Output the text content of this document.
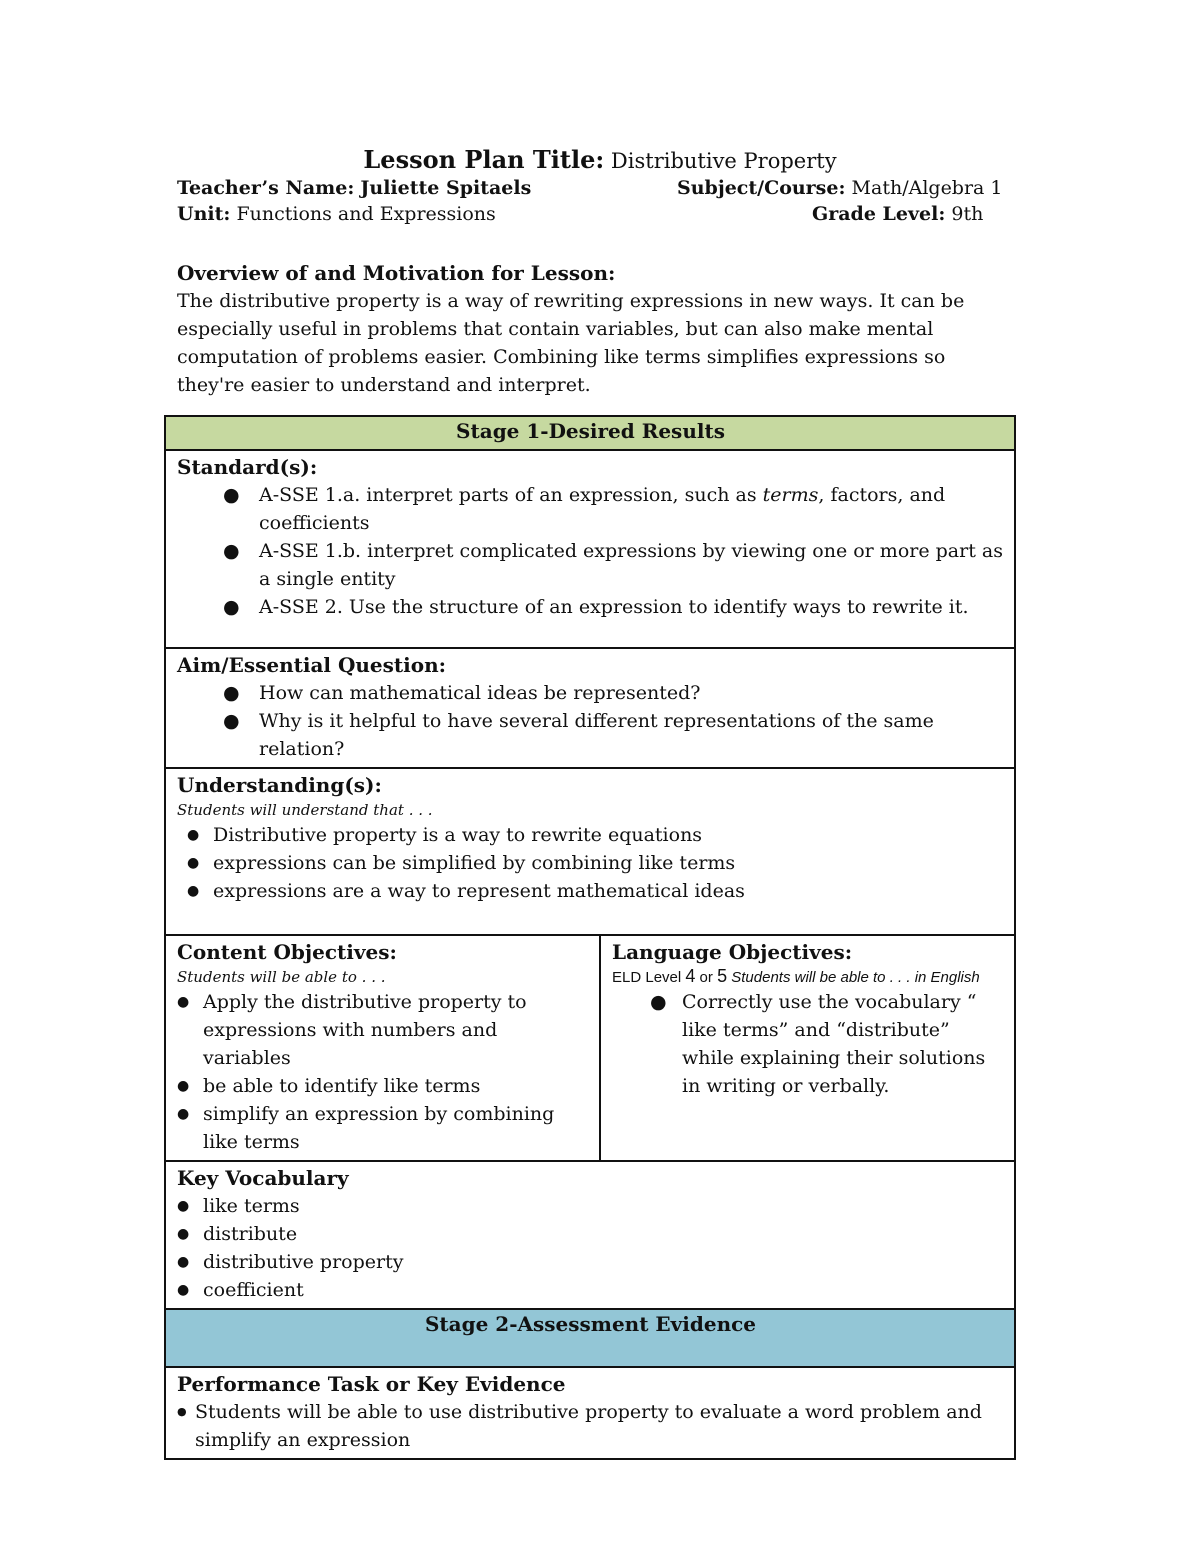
Lesson Plan Title: Distributive Property
Teacher’s Name: Juliette Spitaels	Subject/Course: Math/Algebra 1
Unit: Functions and Expressions	Grade Level: 9th
Overview of and Motivation for Lesson:
The distributive property is a way of rewriting expressions in new ways. It can be especially useful in problems that contain variables, but can also make mental computation of problems easier. Combining like terms simplifies expressions so they're easier to understand and interpret.
Stage 1-Desired Results

Standard(s):
● A-SSE 1.a. interpret parts of an expression, such as terms, factors, and coefficients
● A-SSE 1.b. interpret complicated expressions by viewing one or more part as a single entity
● A-SSE 2. Use the structure of an expression to identify ways to rewrite it.

Aim/Essential Question:
● How can mathematical ideas be represented?
● Why is it helpful to have several different representations of the same relation?

Understanding(s):
Students will understand that . . .
● Distributive property is a way to rewrite equations
● expressions can be simplified by combining like terms
● expressions are a way to represent mathematical ideas

Content Objectives:
Students will be able to . . .
● Apply the distributive property to expressions with numbers and variables
● be able to identify like terms
● simplify an expression by combining like terms

Language Objectives:
ELD Level 4 or 5 Students will be able to . . . in English
● Correctly use the vocabulary “ like terms” and “distribute” while explaining their solutions in writing or verbally.

Key Vocabulary
● like terms
● distribute
● distributive property
● coefficient

Stage 2-Assessment Evidence

Performance Task or Key Evidence
● Students will be able to use distributive property to evaluate a word problem and simplify an expression
